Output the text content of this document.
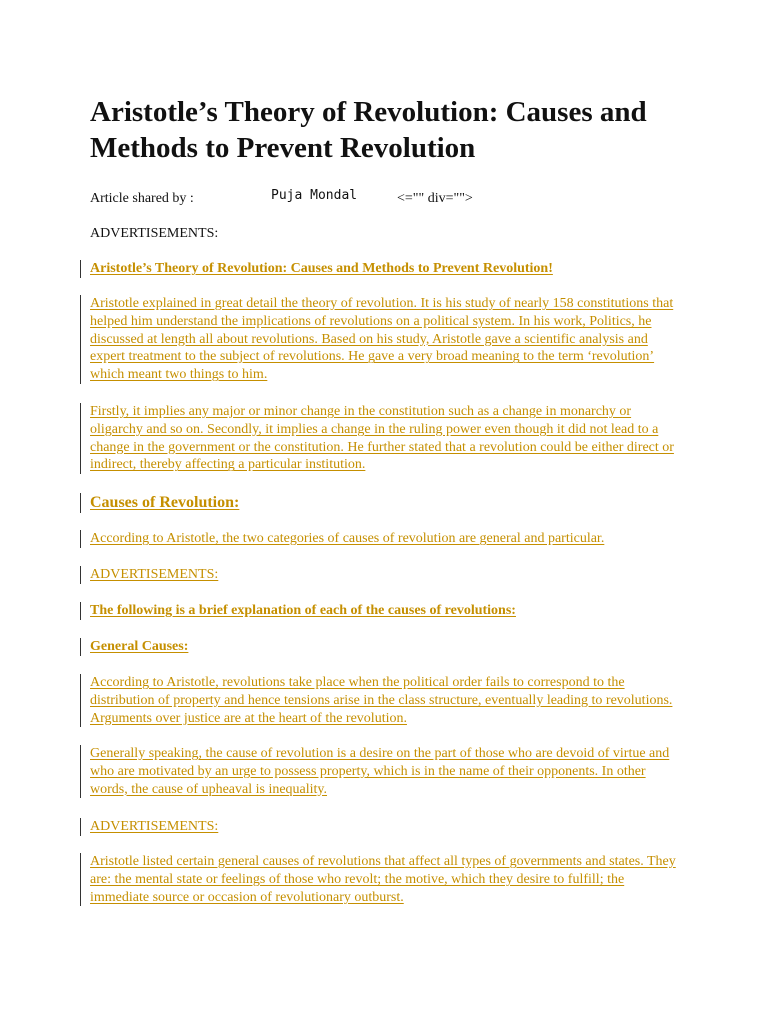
Aristotle’s Theory of Revolution: Causes and Methods to Prevent Revolution
Article shared by :	Puja Mondal	<="" div="">
ADVERTISEMENTS:

Aristotle’s Theory of Revolution: Causes and Methods to Prevent Revolution!

Aristotle explained in great detail the theory of revolution. It is his study of nearly 158 constitutions that helped him understand the implications of revolutions on a political system. In his work, Politics, he discussed at length all about revolutions. Based on his study, Aristotle gave a scientific analysis and expert treatment to the subject of revolutions. He gave a very broad meaning to the term ‘revolution’ which meant two things to him.

Firstly, it implies any major or minor change in the constitution such as a change in monarchy or oligarchy and so on. Secondly, it implies a change in the ruling power even though it did not lead to a change in the government or the constitution. He further stated that a revolution could be either direct or indirect, thereby affecting a particular institution.

Causes of Revolution:

According to Aristotle, the two categories of causes of revolution are general and particular.

ADVERTISEMENTS:

The following is a brief explanation of each of the causes of revolutions:

General Causes:

According to Aristotle, revolutions take place when the political order fails to correspond to the distribution of property and hence tensions arise in the class structure, eventually leading to revolutions. Arguments over justice are at the heart of the revolution.

Generally speaking, the cause of revolution is a desire on the part of those who are devoid of virtue and who are motivated by an urge to possess property, which is in the name of their opponents. In other words, the cause of upheaval is inequality.

ADVERTISEMENTS:

Aristotle listed certain general causes of revolutions that affect all types of governments and states. They are: the mental state or feelings of those who revolt; the motive, which they desire to fulfill; the immediate source or occasion of revolutionary outburst.
